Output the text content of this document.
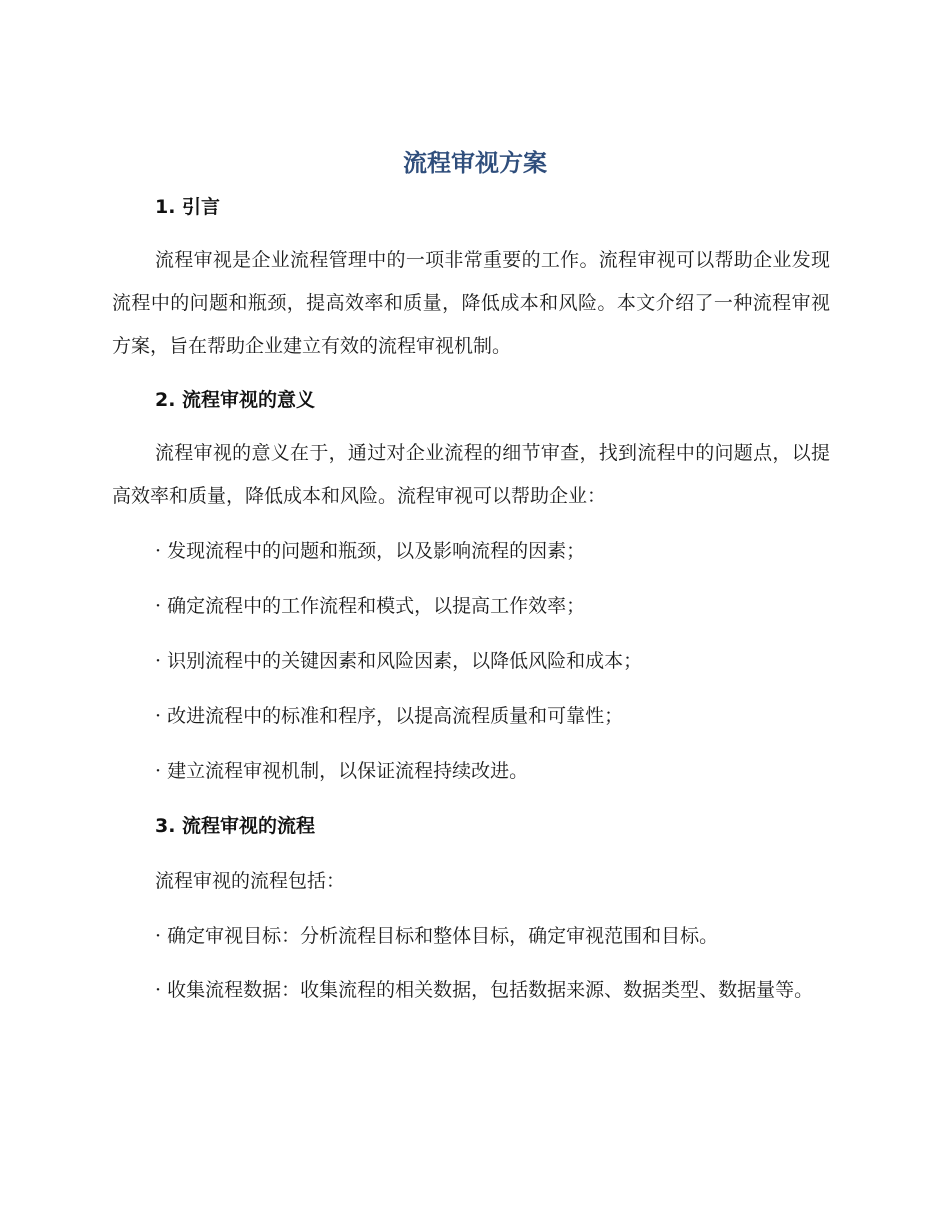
流程审视方案
1. 引言
流程审视是企业流程管理中的一项非常重要的工作。流程审视可以帮助企业发现流程中的问题和瓶颈，提高效率和质量，降低成本和风险。本文介绍了一种流程审视方案，旨在帮助企业建立有效的流程审视机制。
2. 流程审视的意义
流程审视的意义在于，通过对企业流程的细节审查，找到流程中的问题点，以提高效率和质量，降低成本和风险。流程审视可以帮助企业：
· 发现流程中的问题和瓶颈，以及影响流程的因素；
· 确定流程中的工作流程和模式，以提高工作效率；
· 识别流程中的关键因素和风险因素，以降低风险和成本；
· 改进流程中的标准和程序，以提高流程质量和可靠性；
· 建立流程审视机制，以保证流程持续改进。
3. 流程审视的流程
流程审视的流程包括：
· 确定审视目标：分析流程目标和整体目标，确定审视范围和目标。
· 收集流程数据：收集流程的相关数据，包括数据来源、数据类型、数据量等。
